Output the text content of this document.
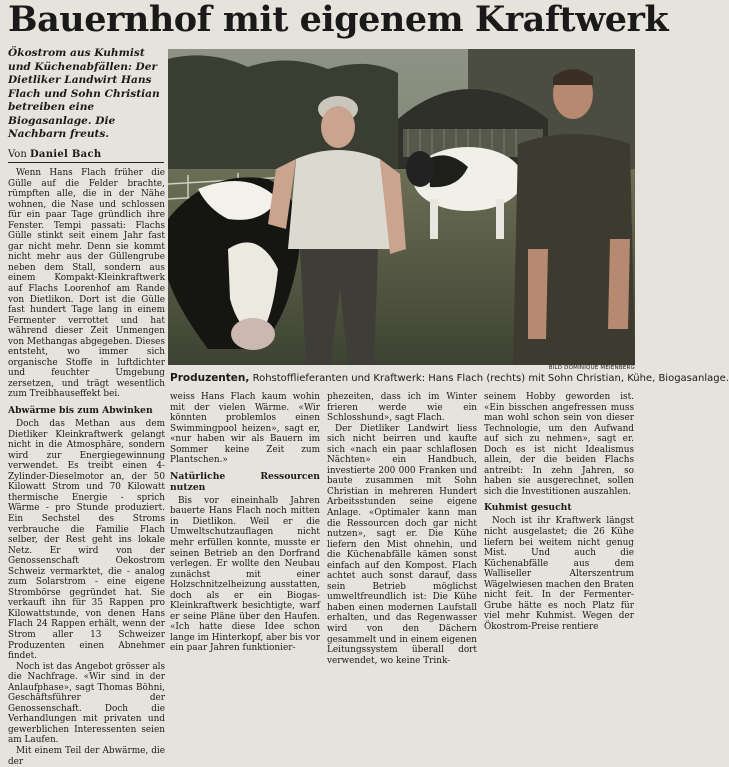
Bauernhof mit eigenem Kraftwerk
Ökostrom aus Kuhmist und Küchenabfällen: Der Dietliker Landwirt Hans Flach und Sohn Christian betreiben eine Biogasanlage. Die Nachbarn freuts.
Von Daniel Bach

Wenn Hans Flach früher die Gülle auf die Felder brachte, rümpften alle, die in der Nähe wohnen, die Nase und schlossen für ein paar Tage gründlich ihre Fenster. Tempi passati: Flachs Gülle stinkt seit einem Jahr fast gar nicht mehr. Denn sie kommt nicht mehr aus der Güllengrube neben dem Stall, sondern aus einem Kompakt-Kleinkraftwerk auf Flachs Loorenhof am Rande von Dietlikon. Dort ist die Gülle fast hundert Tage lang in einem Fermenter verrottet und hat während dieser Zeit Unmengen von Methangas abgegeben. Dieses entsteht, wo immer sich organische Stoffe in luftdichter und feuchter Umgebung zersetzen, und trägt wesentlich zum Treibhauseffekt bei.

Abwärme bis zum Abwinken

Doch das Methan aus dem Dietliker Kleinkraftwerk gelangt nicht in die Atmosphäre, sondern wird zur Energiegewinnung verwendet. Es treibt einen 4-Zylinder-Dieselmotor an, der 50 Kilowatt Strom und 70 Kilowatt thermische Energie - sprich Wärme - pro Stunde produziert. Ein Sechstel des Stroms verbrauche die Familie Flach selber, der Rest geht ins lokale Netz. Er wird von der Genossenschaft Oekostrom Schweiz vermarktet, die - analog zum Solarstrom - eine eigene Strombörse gegründet hat. Sie verkauft ihn für 35 Rappen pro Kilowattstunde, von denen Hans Flach 24 Rappen erhält, wenn der Strom aller 13 Schweizer Produzenten einen Abnehmer findet.

Noch ist das Angebot grösser als die Nachfrage. «Wir sind in der Anlaufphase», sagt Thomas Böhni, Geschäftsführer der Genossenschaft. Doch die Verhandlungen mit privaten und gewerblichen Interessenten seien am Laufen.

Mit einem Teil der Abwärme, die der

BILD DOMINIQUE MEIENBERG
Produzenten, Rohstofflieferanten und Kraftwerk: Hans Flach (rechts) mit Sohn Christian, Kühe, Biogasanlage.

weiss Hans Flach kaum wohin mit der vielen Wärme. «Wir könnten problemlos einen Swimmingpool heizen», sagt er, «nur haben wir als Bauern im Sommer keine Zeit zum Plantschen.»

Natürliche Ressourcen nutzen

Bis vor eineinhalb Jahren bauerte Hans Flach noch mitten in Dietlikon. Weil er die Umweltschutzauflagen nicht mehr erfüllen konnte, musste er seinen Betrieb an den Dorfrand verlegen. Er wollte den Neubau zunächst mit einer Holzschnitzelheizung ausstatten, doch als er ein Biogas-Kleinkraftwerk besichtigte, warf er seine Pläne über den Haufen. «Ich hatte diese Idee schon lange im Hinterkopf, aber bis vor ein paar Jahren funktionier-

phezeiten, dass ich im Winter frieren werde wie ein Schlosshund», sagt Flach.

Der Dietliker Landwirt liess sich nicht beirren und kaufte sich «nach ein paar schlaflosen Nächten» ein Handbuch, investierte 200 000 Franken und baute zusammen mit Sohn Christian in mehreren Hundert Arbeitsstunden seine eigene Anlage. «Optimaler kann man die Ressourcen doch gar nicht nutzen», sagt er. Die Kühe liefern den Mist ohnehin, und die Küchenabfälle kämen sonst einfach auf den Kompost. Flach achtet auch sonst darauf, dass sein Betrieb möglichst umweltfreundlich ist: Die Kühe haben einen modernen Laufstall erhalten, und das Regenwasser wird von den Dächern gesammelt und in einem eigenen Leitungssystem überall dort verwendet, wo keine Trink-

seinem Hobby geworden ist. «Ein bisschen angefressen muss man wohl schon sein von dieser Technologie, um den Aufwand auf sich zu nehmen», sagt er. Doch es ist nicht Idealismus allein, der die beiden Flachs antreibt: In zehn Jahren, so haben sie ausgerechnet, sollen sich die Investitionen auszahlen.

Kuhmist gesucht

Noch ist ihr Kraftwerk längst nicht ausgelastet; die 26 Kühe liefern bei weitem nicht genug Mist. Und auch die Küchenabfälle aus dem Walliseller Alterszentrum Wägelwiesen machen den Braten nicht feit. In der Fermenter-Grube hätte es noch Platz für viel mehr Kuhmist. Wegen der Ökostrom-Preise rentiere
